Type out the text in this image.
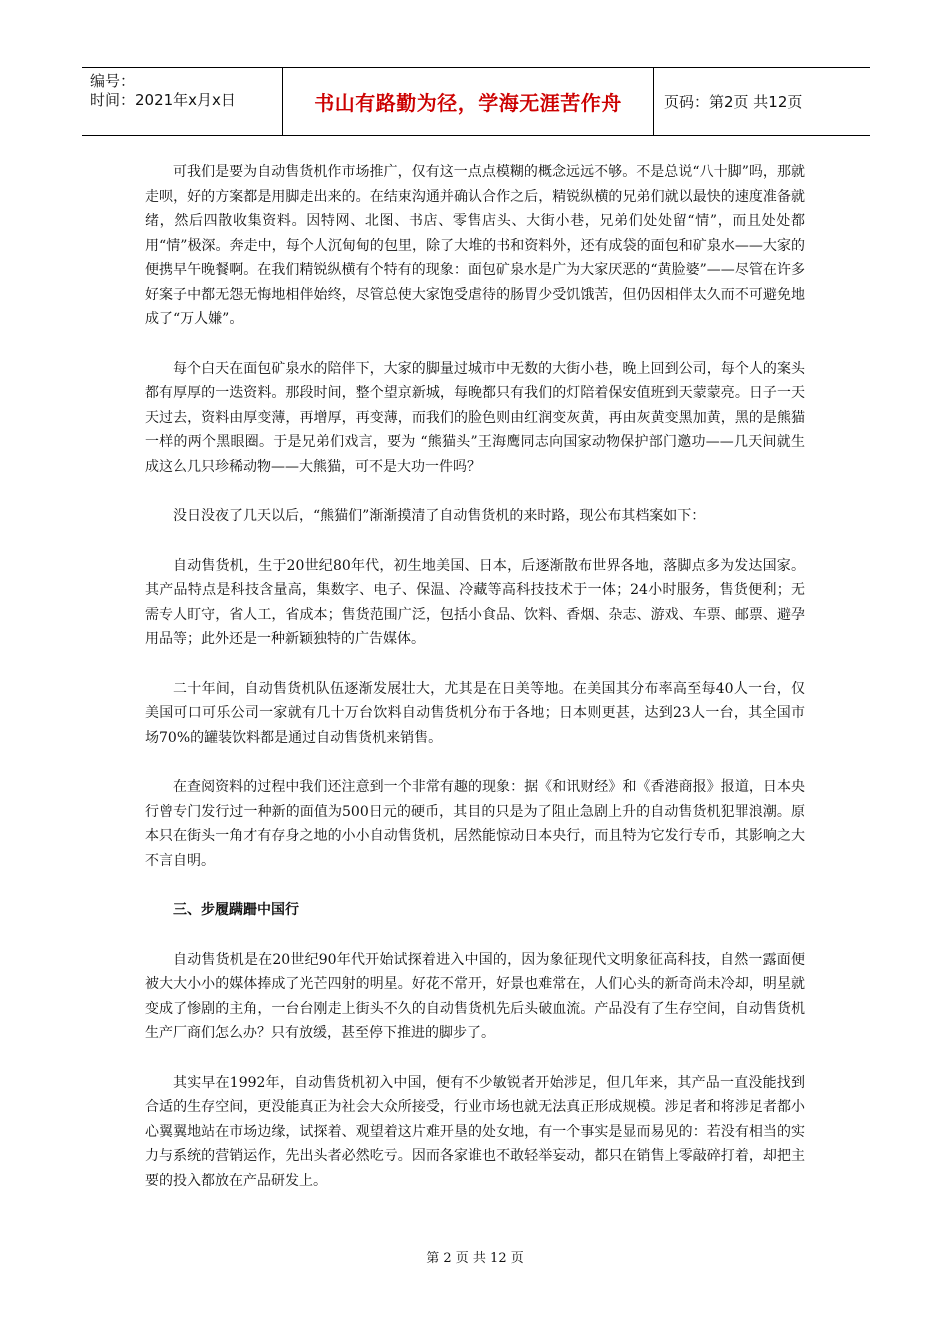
编号：
时间：2021年x月x日	书山有路勤为径，学海无涯苦作舟	页码：第2页 共12页

可我们是要为自动售货机作市场推广，仅有这一点点模糊的概念远远不够。不是总说“八十脚”吗，那就走呗，好的方案都是用脚走出来的。在结束沟通并确认合作之后，精锐纵横的兄弟们就以最快的速度准备就绪，然后四散收集资料。因特网、北图、书店、零售店头、大街小巷，兄弟们处处留“情”，而且处处都用“情”极深。奔走中，每个人沉甸甸的包里，除了大堆的书和资料外，还有成袋的面包和矿泉水——大家的便携早午晚餐啊。在我们精锐纵横有个特有的现象：面包矿泉水是广为大家厌恶的“黄脸婆”——尽管在许多好案子中都无怨无悔地相伴始终，尽管总使大家饱受虐待的肠胃少受饥饿苦，但仍因相伴太久而不可避免地成了“万人嫌”。

每个白天在面包矿泉水的陪伴下，大家的脚量过城市中无数的大街小巷，晚上回到公司，每个人的案头都有厚厚的一迭资料。那段时间，整个望京新城，每晚都只有我们的灯陪着保安值班到天蒙蒙亮。日子一天天过去，资料由厚变薄，再增厚，再变薄，而我们的脸色则由红润变灰黄，再由灰黄变黑加黄，黑的是熊猫一样的两个黑眼圈。于是兄弟们戏言，要为 “熊猫头”王海鹰同志向国家动物保护部门邀功——几天间就生成这么几只珍稀动物——大熊猫，可不是大功一件吗？

没日没夜了几天以后，“熊猫们”渐渐摸清了自动售货机的来时路，现公布其档案如下：

自动售货机，生于20世纪80年代，初生地美国、日本，后逐渐散布世界各地，落脚点多为发达国家。其产品特点是科技含量高，集数字、电子、保温、冷藏等高科技技术于一体；24小时服务，售货便利；无需专人盯守，省人工，省成本；售货范围广泛，包括小食品、饮料、香烟、杂志、游戏、车票、邮票、避孕用品等；此外还是一种新颖独特的广告媒体。

二十年间，自动售货机队伍逐渐发展壮大，尤其是在日美等地。在美国其分布率高至每40人一台，仅美国可口可乐公司一家就有几十万台饮料自动售货机分布于各地；日本则更甚，达到23人一台，其全国市场70%的罐装饮料都是通过自动售货机来销售。

在查阅资料的过程中我们还注意到一个非常有趣的现象：据《和讯财经》和《香港商报》报道，日本央行曾专门发行过一种新的面值为500日元的硬币，其目的只是为了阻止急剧上升的自动售货机犯罪浪潮。原本只在街头一角才有存身之地的小小自动售货机，居然能惊动日本央行，而且特为它发行专币，其影响之大不言自明。

三、步履蹒跚中国行

自动售货机是在20世纪90年代开始试探着进入中国的，因为象征现代文明象征高科技，自然一露面便被大大小小的媒体捧成了光芒四射的明星。好花不常开，好景也难常在，人们心头的新奇尚未冷却，明星就变成了惨剧的主角，一台台刚走上街头不久的自动售货机先后头破血流。产品没有了生存空间，自动售货机生产厂商们怎么办？只有放缓，甚至停下推进的脚步了。

其实早在1992年，自动售货机初入中国，便有不少敏锐者开始涉足，但几年来，其产品一直没能找到合适的生存空间，更没能真正为社会大众所接受，行业市场也就无法真正形成规模。涉足者和将涉足者都小心翼翼地站在市场边缘，试探着、观望着这片难开垦的处女地，有一个事实是显而易见的：若没有相当的实力与系统的营销运作，先出头者必然吃亏。因而各家谁也不敢轻举妄动，都只在销售上零敲碎打着，却把主要的投入都放在产品研发上。

第 2 页 共 12 页
